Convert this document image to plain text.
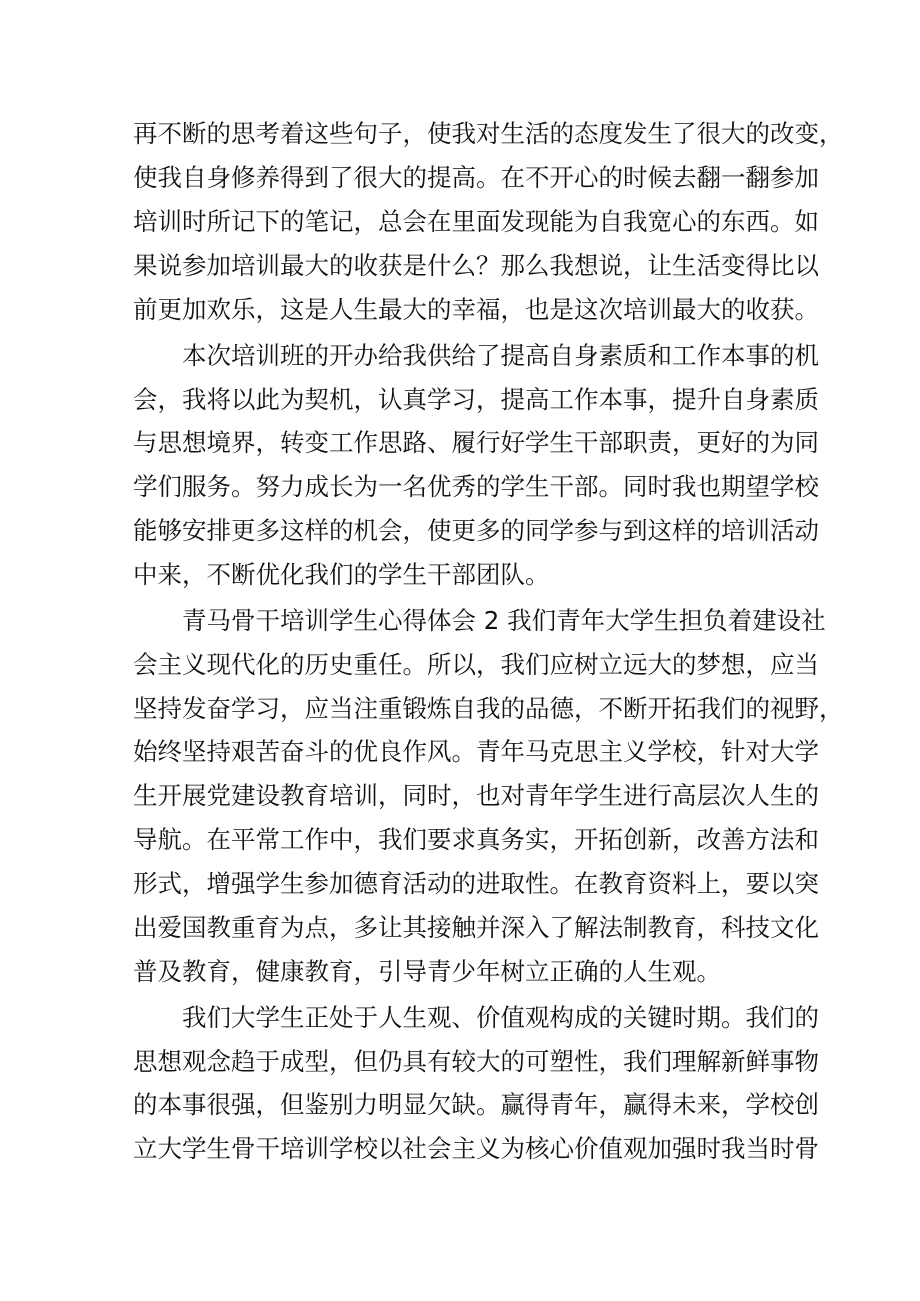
再不断的思考着这些句子，使我对生活的态度发生了很大的改变，
使我自身修养得到了很大的提高。在不开心的时候去翻一翻参加
培训时所记下的笔记，总会在里面发现能为自我宽心的东西。如
果说参加培训最大的收获是什么？那么我想说，让生活变得比以
前更加欢乐，这是人生最大的幸福，也是这次培训最大的收获。
本次培训班的开办给我供给了提高自身素质和工作本事的机
会，我将以此为契机，认真学习，提高工作本事，提升自身素质
与思想境界，转变工作思路、履行好学生干部职责，更好的为同
学们服务。努力成长为一名优秀的学生干部。同时我也期望学校
能够安排更多这样的机会，使更多的同学参与到这样的培训活动
中来，不断优化我们的学生干部团队。
青马骨干培训学生心得体会 2 我们青年大学生担负着建设社
会主义现代化的历史重任。所以，我们应树立远大的梦想，应当
坚持发奋学习，应当注重锻炼自我的品德，不断开拓我们的视野，
始终坚持艰苦奋斗的优良作风。青年马克思主义学校，针对大学
生开展党建设教育培训，同时，也对青年学生进行高层次人生的
导航。在平常工作中，我们要求真务实，开拓创新，改善方法和
形式，增强学生参加德育活动的进取性。在教育资料上，要以突
出爱国教重育为点，多让其接触并深入了解法制教育，科技文化
普及教育，健康教育，引导青少年树立正确的人生观。
我们大学生正处于人生观、价值观构成的关键时期。我们的
思想观念趋于成型，但仍具有较大的可塑性，我们理解新鲜事物
的本事很强，但鉴别力明显欠缺。赢得青年，赢得未来，学校创
立大学生骨干培训学校以社会主义为核心价值观加强时我当时骨
